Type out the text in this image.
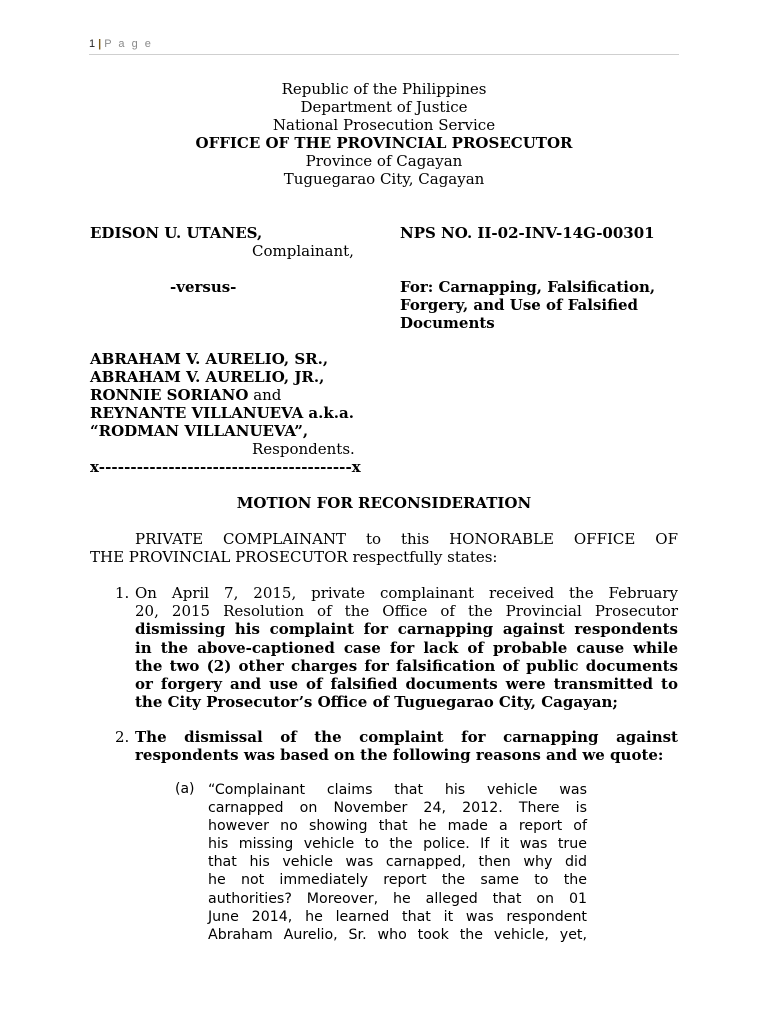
1 | P a g e
Republic of the Philippines
Department of Justice
National Prosecution Service
OFFICE OF THE PROVINCIAL PROSECUTOR
Province of Cagayan
Tuguegarao City, Cagayan
EDISON U. UTANES,
Complainant,
NPS NO. II-02-INV-14G-00301
-versus-	For: Carnapping, Falsification,
Forgery, and Use of Falsified
Documents
ABRAHAM V. AURELIO, SR.,
ABRAHAM V. AURELIO, JR.,
RONNIE SORIANO and
REYNANTE VILLANUEVA a.k.a.
“RODMAN VILLANUEVA”,
Respondents.
x----------------------------------------x
MOTION FOR RECONSIDERATION
PRIVATE COMPLAINANT to this HONORABLE OFFICE OF
THE PROVINCIAL PROSECUTOR respectfully states:
1. On April 7, 2015, private complainant received the February
20, 2015 Resolution of the Office of the Provincial Prosecutor
dismissing his complaint for carnapping against respondents
in the above-captioned case for lack of probable cause while
the two (2) other charges for falsification of public documents
or forgery and use of falsified documents were transmitted to
the City Prosecutor’s Office of Tuguegarao City, Cagayan;
2. The dismissal of the complaint for carnapping against
respondents was based on the following reasons and we quote:
(a) “Complainant claims that his vehicle was
carnapped on November 24, 2012. There is
however no showing that he made a report of
his missing vehicle to the police. If it was true
that his vehicle was carnapped, then why did
he not immediately report the same to the
authorities? Moreover, he alleged that on 01
June 2014, he learned that it was respondent
Abraham Aurelio, Sr. who took the vehicle, yet,
